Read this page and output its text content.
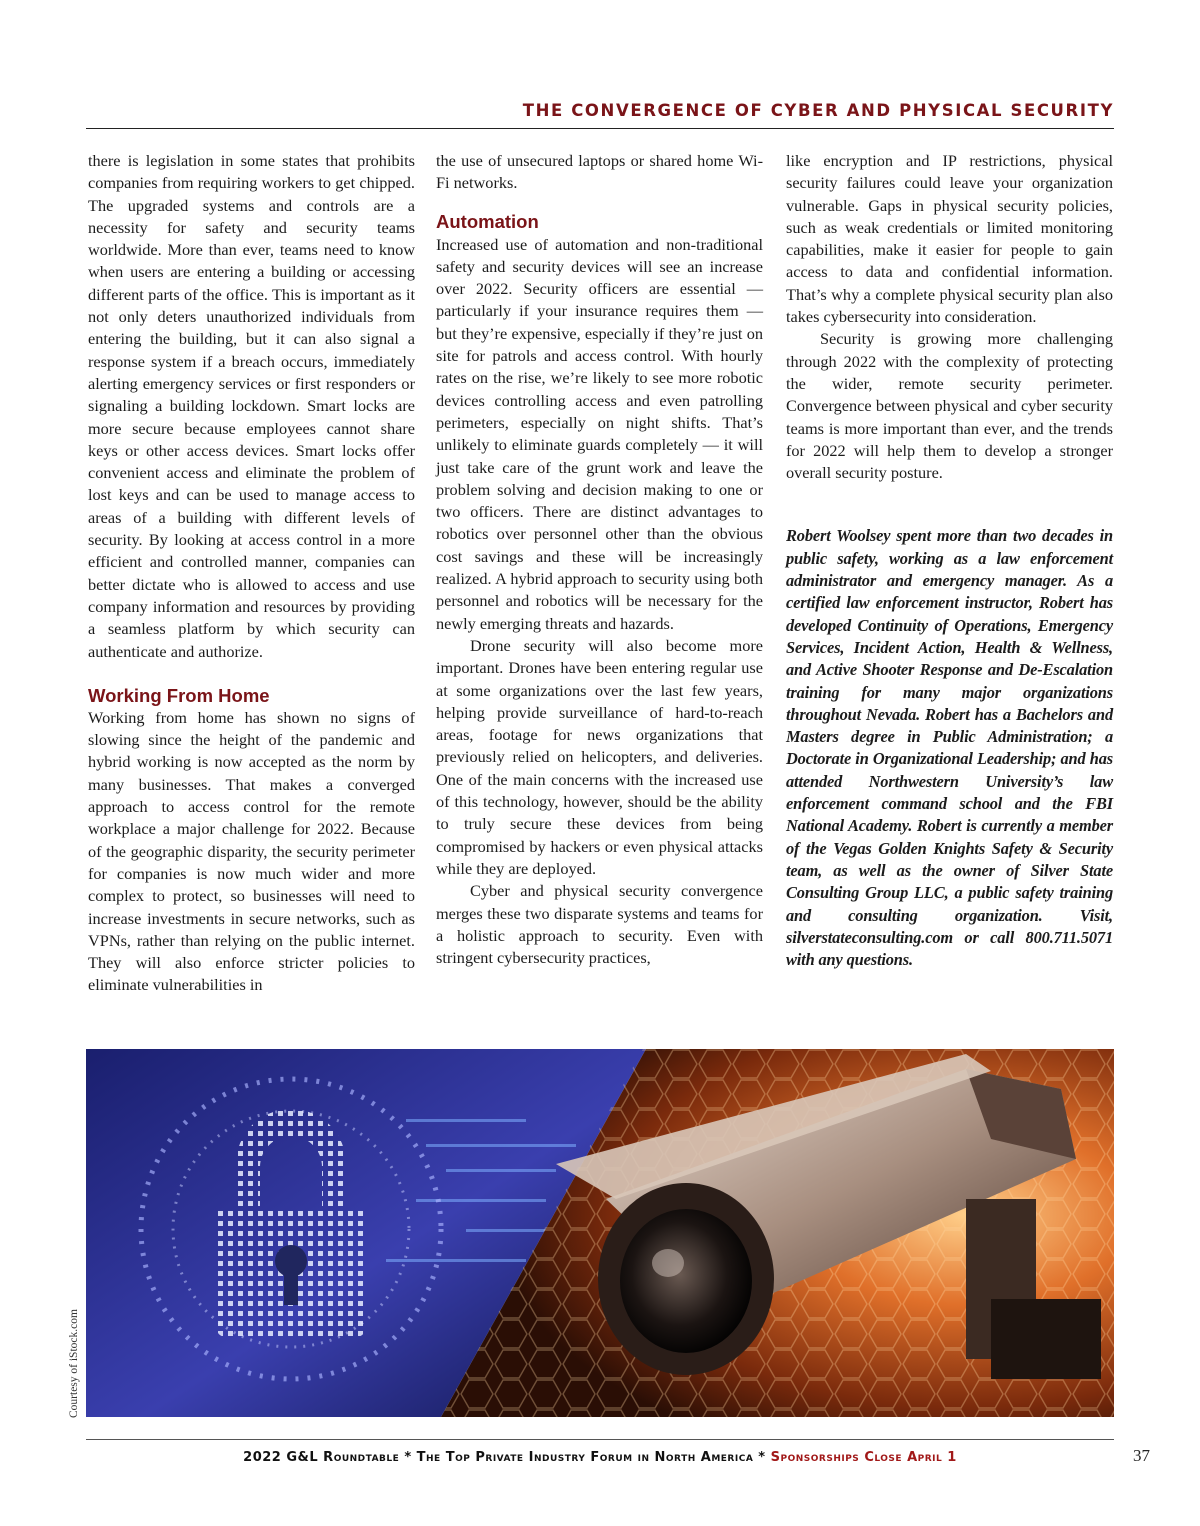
THE CONVERGENCE OF CYBER AND PHYSICAL SECURITY

there is legislation in some states that prohibits companies from requiring workers to get chipped. The upgraded systems and controls are a necessity for safety and security teams worldwide. More than ever, teams need to know when users are entering a building or accessing different parts of the office. This is important as it not only deters unauthorized individuals from entering the building, but it can also signal a response system if a breach occurs, immediately alerting emergency services or first responders or signaling a building lockdown. Smart locks are more secure because employees cannot share keys or other access devices. Smart locks offer convenient access and eliminate the problem of lost keys and can be used to manage access to areas of a building with different levels of security. By looking at access control in a more efficient and controlled manner, companies can better dictate who is allowed to access and use company information and resources by providing a seamless platform by which security can authenticate and authorize.

Working From Home

Working from home has shown no signs of slowing since the height of the pandemic and hybrid working is now accepted as the norm by many businesses. That makes a converged approach to access control for the remote workplace a major challenge for 2022. Because of the geographic disparity, the security perimeter for companies is now much wider and more complex to protect, so businesses will need to increase investments in secure networks, such as VPNs, rather than relying on the public internet. They will also enforce stricter policies to eliminate vulnerabilities in

the use of unsecured laptops or shared home Wi-Fi networks.

Automation

Increased use of automation and non-traditional safety and security devices will see an increase over 2022. Security officers are essential — particularly if your insurance requires them — but they’re expensive, especially if they’re just on site for patrols and access control. With hourly rates on the rise, we’re likely to see more robotic devices controlling access and even patrolling perimeters, especially on night shifts. That’s unlikely to eliminate guards completely — it will just take care of the grunt work and leave the problem solving and decision making to one or two officers. There are distinct advantages to robotics over personnel other than the obvious cost savings and these will be increasingly realized. A hybrid approach to security using both personnel and robotics will be necessary for the newly emerging threats and hazards.

Drone security will also become more important. Drones have been entering regular use at some organizations over the last few years, helping provide surveillance of hard-to-reach areas, footage for news organizations that previously relied on helicopters, and deliveries. One of the main concerns with the increased use of this technology, however, should be the ability to truly secure these devices from being compromised by hackers or even physical attacks while they are deployed.

Cyber and physical security convergence merges these two disparate systems and teams for a holistic approach to security. Even with stringent cybersecurity practices,

like encryption and IP restrictions, physical security failures could leave your organization vulnerable. Gaps in physical security policies, such as weak credentials or limited monitoring capabilities, make it easier for people to gain access to data and confidential information. That’s why a complete physical security plan also takes cybersecurity into consideration.

Security is growing more challenging through 2022 with the complexity of protecting the wider, remote security perimeter. Convergence between physical and cyber security teams is more important than ever, and the trends for 2022 will help them to develop a stronger overall security posture.

Robert Woolsey spent more than two decades in public safety, working as a law enforcement administrator and emergency manager. As a certified law enforcement instructor, Robert has developed Continuity of Operations, Emergency Services, Incident Action, Health & Wellness, and Active Shooter Response and De-Escalation training for many major organizations throughout Nevada. Robert has a Bachelors and Masters degree in Public Administration; a Doctorate in Organizational Leadership; and has attended Northwestern University’s law enforcement command school and the FBI National Academy. Robert is currently a member of the Vegas Golden Knights Safety & Security team, as well as the owner of Silver State Consulting Group LLC, a public safety training and consulting organization. Visit, silverstateconsulting.com or call 800.711.5071 with any questions.

Courtesy of iStock.com
2022 G&L Roundtable * The Top Private Industry Forum in North America * Sponsorships Close April 1	37
